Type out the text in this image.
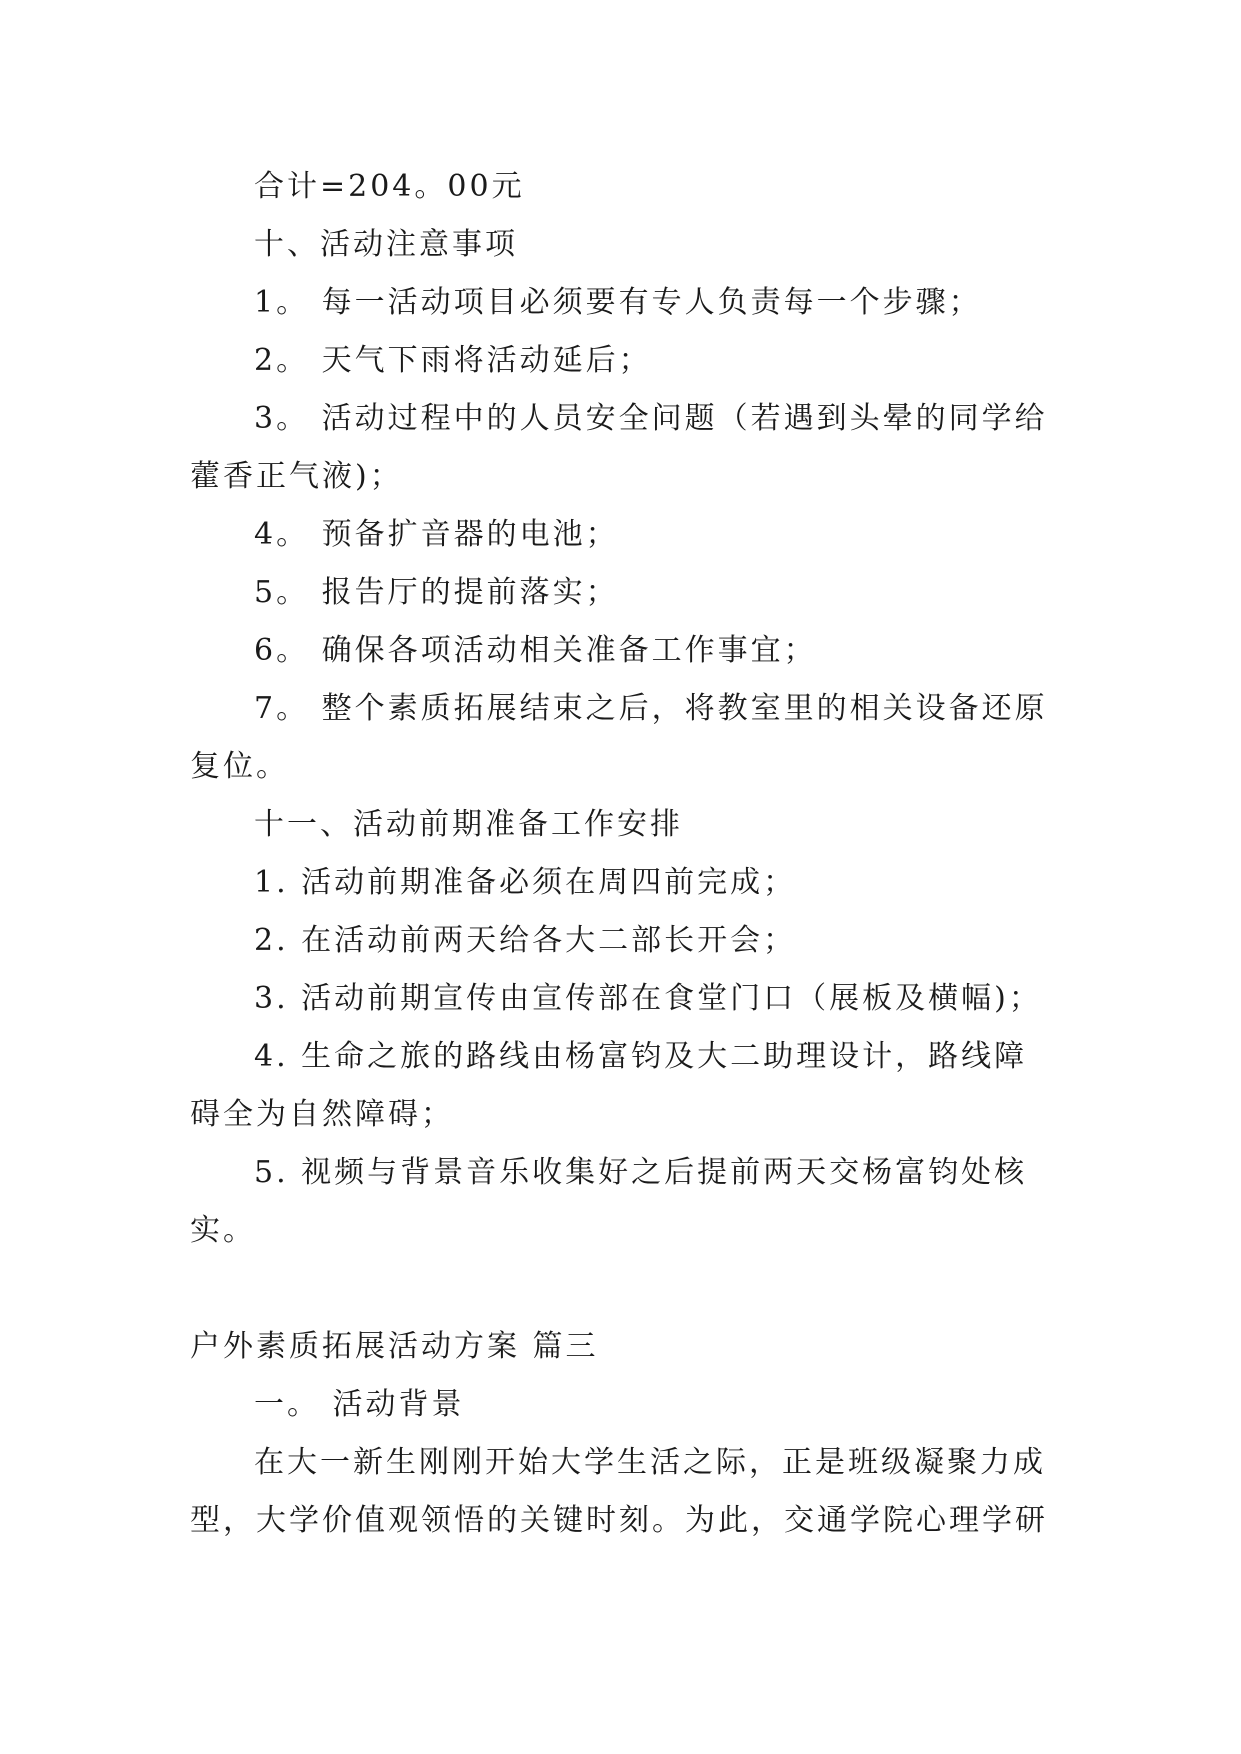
合计=204。00元
十、活动注意事项
1。 每一活动项目必须要有专人负责每一个步骤；
2。 天气下雨将活动延后；
3。 活动过程中的人员安全问题（若遇到头晕的同学给
藿香正气液)；
4。 预备扩音器的电池；
5。 报告厅的提前落实；
6。 确保各项活动相关准备工作事宜；
7。 整个素质拓展结束之后，将教室里的相关设备还原
复位。
十一、活动前期准备工作安排
1. 活动前期准备必须在周四前完成；
2. 在活动前两天给各大二部长开会；
3. 活动前期宣传由宣传部在食堂门口（展板及横幅)；
4. 生命之旅的路线由杨富钧及大二助理设计，路线障
碍全为自然障碍；
5. 视频与背景音乐收集好之后提前两天交杨富钧处核
实。
户外素质拓展活动方案 篇三
一。 活动背景
在大一新生刚刚开始大学生活之际，正是班级凝聚力成
型，大学价值观领悟的关键时刻。为此，交通学院心理学研
